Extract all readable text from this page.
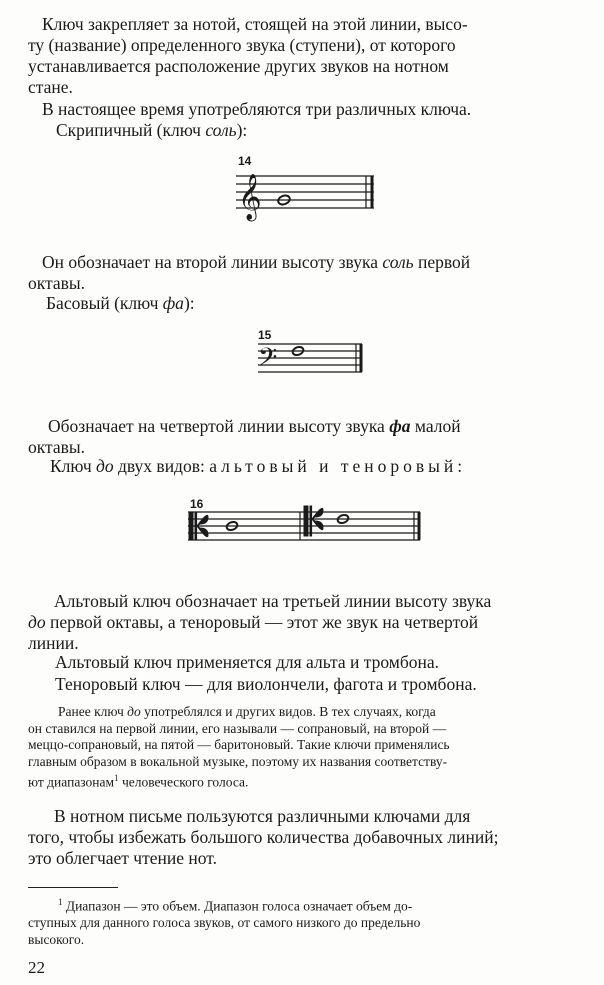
Ключ закрепляет за нотой, стоящей на этой линии, высо-
ту (название) определенного звука (ступени), от которого
устанавливается расположение других звуков на нотном
стане.
В настоящее время употребляются три различных ключа.
Скрипичный (ключ соль):
14
𝄞
Он обозначает на второй линии высоту звука соль первой
октавы.
Басовый (ключ фа):
15
𝄢
Обозначает на четвертой линии высоту звука фа малой
октавы.
Ключ до двух видов: альтовый и теноровый:
16
Альтовый ключ обозначает на третьей линии высоту звука
до первой октавы, а теноровый — этот же звук на четвертой
линии.
Альтовый ключ применяется для альта и тромбона.
Теноровый ключ — для виолончели, фагота и тромбона.
Ранее ключ до употреблялся и других видов. В тех случаях, когда
он ставился на первой линии, его называли — сопрановый, на второй —
меццо-сопрановый, на пятой — баритоновый. Такие ключи применялись
главным образом в вокальной музыке, поэтому их названия соответству-
ют диапазонам$^1$ человеческого голоса.
В нотном письме пользуются различными ключами для
того, чтобы избежать большого количества добавочных линий;
это облегчает чтение нот.
$^1$ Диапазон — это объем. Диапазон голоса означает объем до-
ступных для данного голоса звуков, от самого низкого до предельно
высокого.
22
